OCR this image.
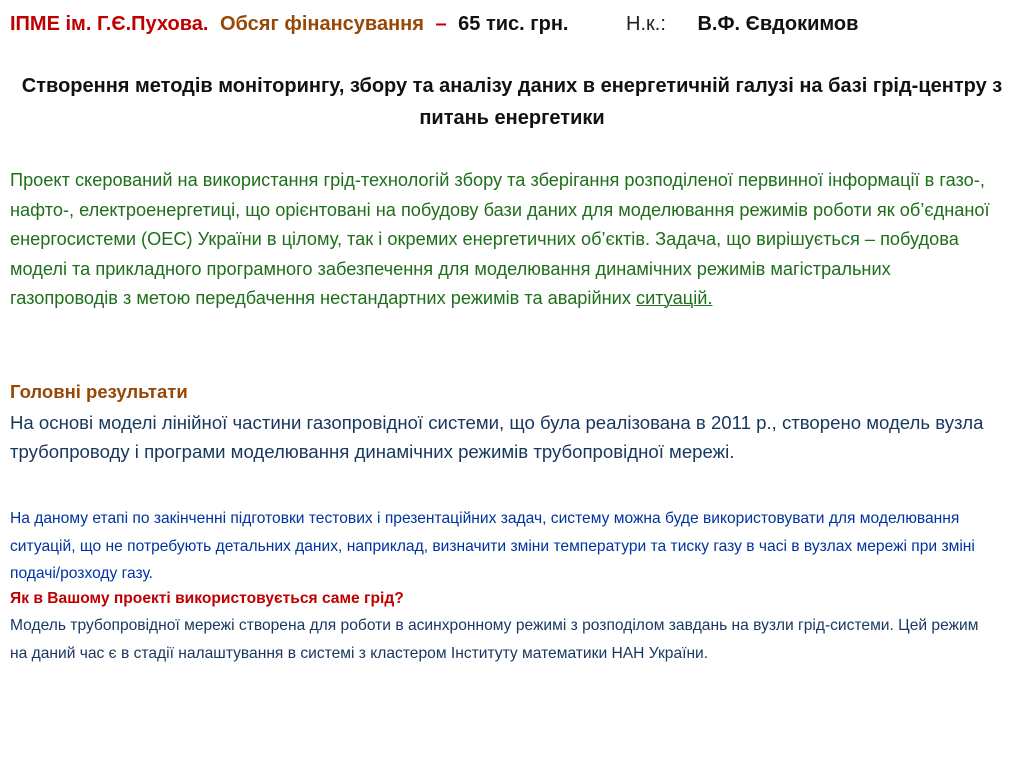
ІПМЕ ім. Г.Є.Пухова. Обсяг фінансування – 65 тис. грн.	Н.к.: В.Ф. Євдокимов
Створення методів моніторингу, збору та аналізу даних в енергетичній галузі на базі грід-центру з питань енергетики
Проект скерований на використання грід-технологій збору та зберігання розподіленої первинної інформації в газо-, нафто-, електроенергетиці, що орієнтовані на побудову бази даних для моделювання режимів роботи як об’єднаної енергосистеми (ОЕС) України в цілому, так і окремих енергетичних об’єктів. Задача, що вирішується – побудова моделі та прикладного програмного забезпечення для моделювання динамічних режимів магістральних газопроводів з метою передбачення нестандартних режимів та аварійних ситуацій.
Головні результати
На основі моделі лінійної частини газопровідної системи, що була реалізована в 2011 р., створено модель вузла трубопроводу і програми моделювання динамічних режимів трубопровідної мережі.
На даному етапі по закінченні підготовки тестових і презентаційних задач, систему можна буде використовувати для моделювання ситуацій, що не потребують детальних даних, наприклад, визначити зміни температури та тиску газу в часі в вузлах мережі при зміні подачі/розходу газу.
Як в Вашому проекті використовується саме грід?
Модель трубопровідної мережі створена для роботи в асинхронному режимі з розподілом завдань на вузли грід-системи. Цей режим на даний час є в стадії налаштування в системі з кластером Інституту математики НАН України.
